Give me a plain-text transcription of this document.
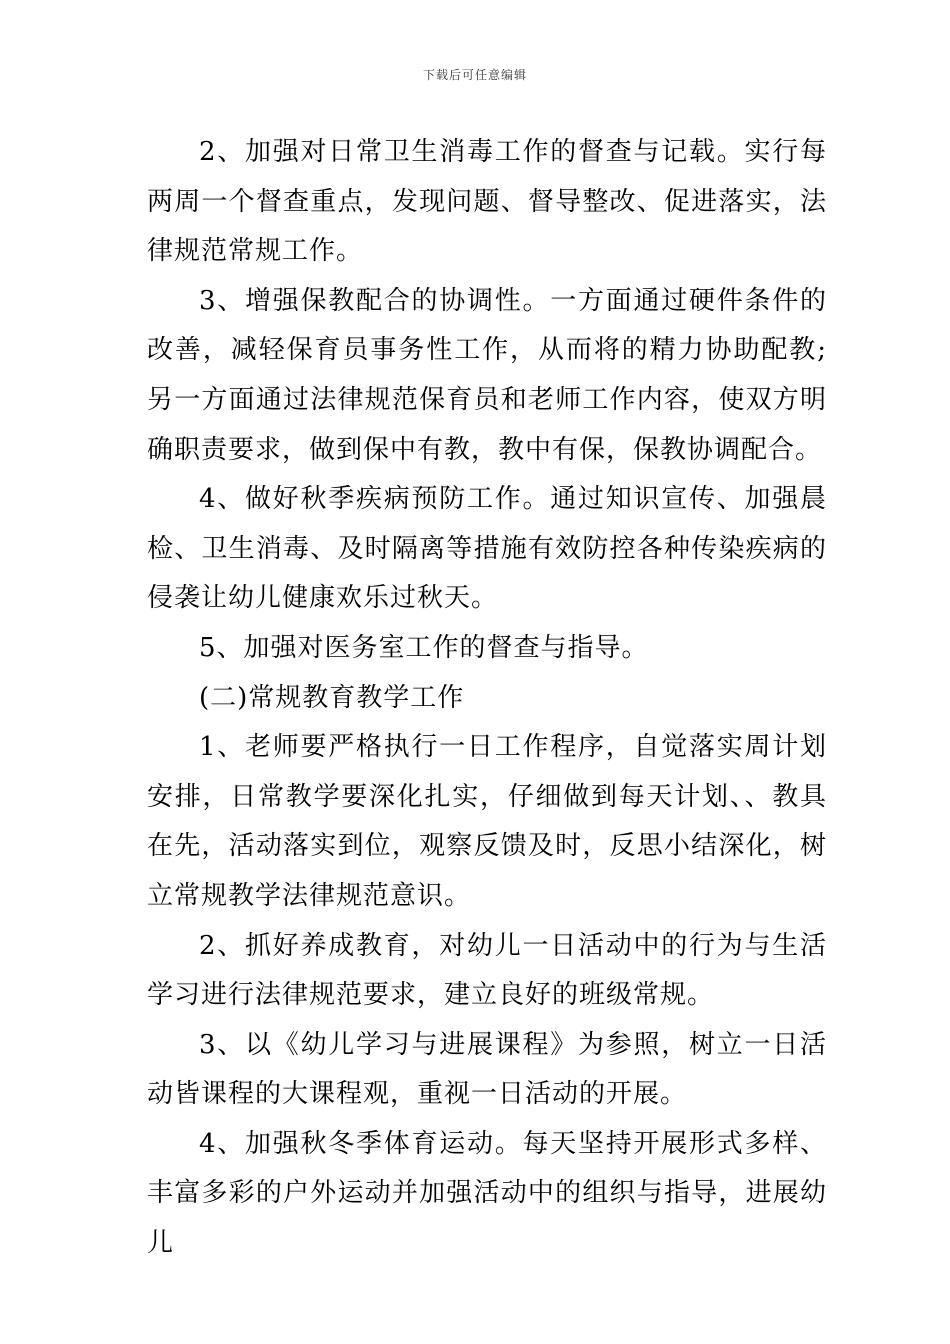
下载后可任意编辑

2、加强对日常卫生消毒工作的督查与记载。实行每两周一个督查重点，发现问题、督导整改、促进落实，法律规范常规工作。

3、增强保教配合的协调性。一方面通过硬件条件的改善，减轻保育员事务性工作，从而将的精力协助配教;另一方面通过法律规范保育员和老师工作内容，使双方明确职责要求，做到保中有教，教中有保，保教协调配合。

4、做好秋季疾病预防工作。通过知识宣传、加强晨检、卫生消毒、及时隔离等措施有效防控各种传染疾病的侵袭让幼儿健康欢乐过秋天。

5、加强对医务室工作的督查与指导。

(二)常规教育教学工作

1、老师要严格执行一日工作程序，自觉落实周计划安排，日常教学要深化扎实，仔细做到每天计划、、教具在先，活动落实到位，观察反馈及时，反思小结深化，树立常规教学法律规范意识。

2、抓好养成教育，对幼儿一日活动中的行为与生活学习进行法律规范要求，建立良好的班级常规。

3、以《幼儿学习与进展课程》为参照，树立一日活动皆课程的大课程观，重视一日活动的开展。

4、加强秋冬季体育运动。每天坚持开展形式多样、丰富多彩的户外运动并加强活动中的组织与指导，进展幼儿
